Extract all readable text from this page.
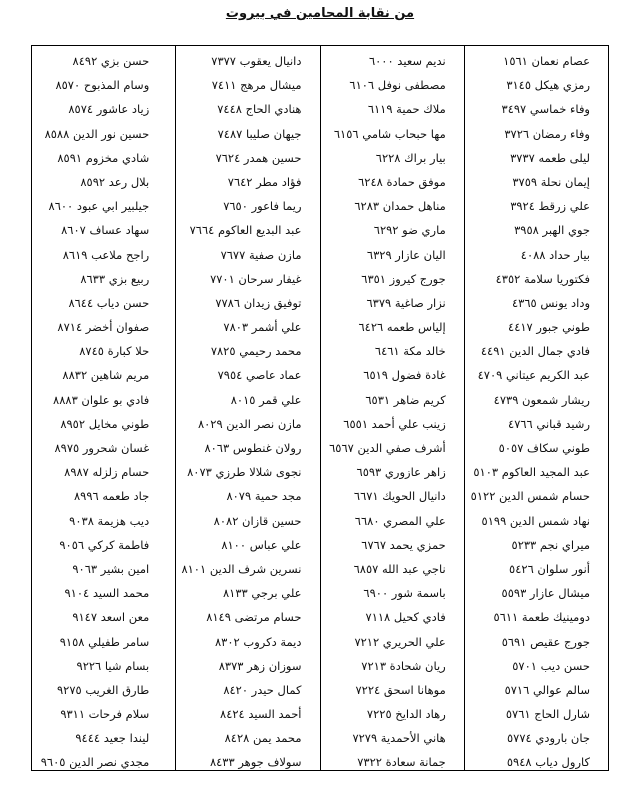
من نقابة المحامين في بيروت
عصام نعمان ١٥٦١
رمزي هيكل ٣١٤٥
وفاء خماسي ٣٤٩٧
وفاء رمضان ٣٧٢٦
ليلى طعمه ٣٧٣٧
إيمان نحلة ٣٧٥٩
علي زرقط ٣٩٢٤
جوي الهبر ٣٩٥٨
بيار حداد ٤٠٨٨
فكتوريا سلامة ٤٣٥٢
وداد يونس ٤٣٦٥
طوني جبور ٤٤١٧
فادي جمال الدين ٤٤٩١
عبد الكريم عيتاني ٤٧٠٩
ريشار شمعون ٤٧٣٩
رشيد قباني ٤٧٦٦
طوني سكاف ٥٠٥٧
عبد المجيد العاكوم ٥١٠٣
حسام شمس الدين ٥١٢٢
نهاد شمس الدين ٥١٩٩
ميراي نجم ٥٢٣٣
أنور سلوان ٥٤٢٦
ميشال عازار ٥٥٩٣
دومينيك طعمة ٥٦١١
جورج عقيص ٥٦٩١
حسن ديب ٥٧٠١
سالم عوالي ٥٧١٦
شارل الحاج ٥٧٦١
جان بارودي ٥٧٧٤
كارول دياب ٥٩٤٨
نديم سعيد ٦٠٠٠
مصطفى نوفل ٦١٠٦
ملاك حمية ٦١١٩
مها حبحاب شامي ٦١٥٦
بيار براك ٦٢٢٨
موفق حمادة ٦٢٤٨
مناهل حمدان ٦٢٨٣
ماري ضو ٦٢٩٢
اليان عازار ٦٣٢٩
جورج كيروز ٦٣٥١
نزار صاغية ٦٣٧٩
إلياس طعمه ٦٤٢٦
خالد مكة ٦٤٦١
غادة فضول ٦٥١٩
كريم ضاهر ٦٥٣١
زينب علي أحمد ٦٥٥١
أشرف صفي الدين ٦٥٦٧
زاهر عازوري ٦٥٩٣
دانيال الحويك ٦٦٧١
علي المصري ٦٦٨٠
حمزي يحمد ٦٧٦٧
ناجي عبد الله ٦٨٥٧
باسمة شور ٦٩٠٠
فادي كحيل ٧١١٨
علي الحريري ٧٢١٢
ريان شحادة ٧٢١٣
موهانا اسحق ٧٢٢٤
رهاد الدايخ ٧٢٢٥
هاني الأحمدية ٧٢٧٩
جمانة سعادة ٧٣٢٢
دانيال يعقوب ٧٣٧٧
ميشال مرهج ٧٤١١
هنادي الحاج ٧٤٤٨
جيهان صليبا ٧٤٨٧
حسين همدر ٧٦٢٤
فؤاد مطر ٧٦٤٢
ريما فاعور ٧٦٥٠
عبد البديع العاكوم ٧٦٦٤
مازن صفية ٧٦٧٧
غيفار سرحان ٧٧٠١
توفيق زيدان ٧٧٨٦
علي أشمر ٧٨٠٣
محمد رحيمي ٧٨٢٥
عماد عاصي ٧٩٥٤
علي قمر ٨٠١٥
مازن نصر الدين ٨٠٢٩
رولان غنطوس ٨٠٦٣
نجوى شلالا طرزي ٨٠٧٣
مجد حمية ٨٠٧٩
حسين قازان ٨٠٨٢
علي عباس ٨١٠٠
نسرين شرف الدين ٨١٠١
علي برجي ٨١٣٣
حسام مرتضى ٨١٤٩
ديمة دكروب ٨٣٠٢
سوزان زهر ٨٣٧٣
كمال حيدر ٨٤٢٠
أحمد السيد ٨٤٢٤
محمد يمن ٨٤٢٨
سولاف جوهر ٨٤٣٣
حسن بزي ٨٤٩٢
وسام المذبوح ٨٥٧٠
زياد عاشور ٨٥٧٤
حسين نور الدين ٨٥٨٨
شادي مخزوم ٨٥٩١
بلال رعد ٨٥٩٢
جيلبير ابي عبود ٨٦٠٠
سهاد عساف ٨٦٠٧
راجح ملاعب ٨٦١٩
ربيع بزي ٨٦٣٣
حسن دياب ٨٦٤٤
صفوان أخضر ٨٧١٤
حلا كبارة ٨٧٤٥
مريم شاهين ٨٨٣٢
فادي بو علوان ٨٨٨٣
طوني مخايل ٨٩٥٢
غسان شحرور ٨٩٧٥
حسام زلزله ٨٩٨٧
جاد طعمه ٨٩٩٦
ديب هزيمة ٩٠٣٨
فاطمة كركي ٩٠٥٦
امين بشير ٩٠٦٣
محمد السيد ٩١٠٤
معن اسعد ٩١٤٧
سامر طفيلي ٩١٥٨
بسام شيا ٩٢٢٦
طارق الغريب ٩٢٧٥
سلام فرحات ٩٣١١
ليندا جعيد ٩٤٤٤
مجدي نصر الدين ٩٦٠٥
